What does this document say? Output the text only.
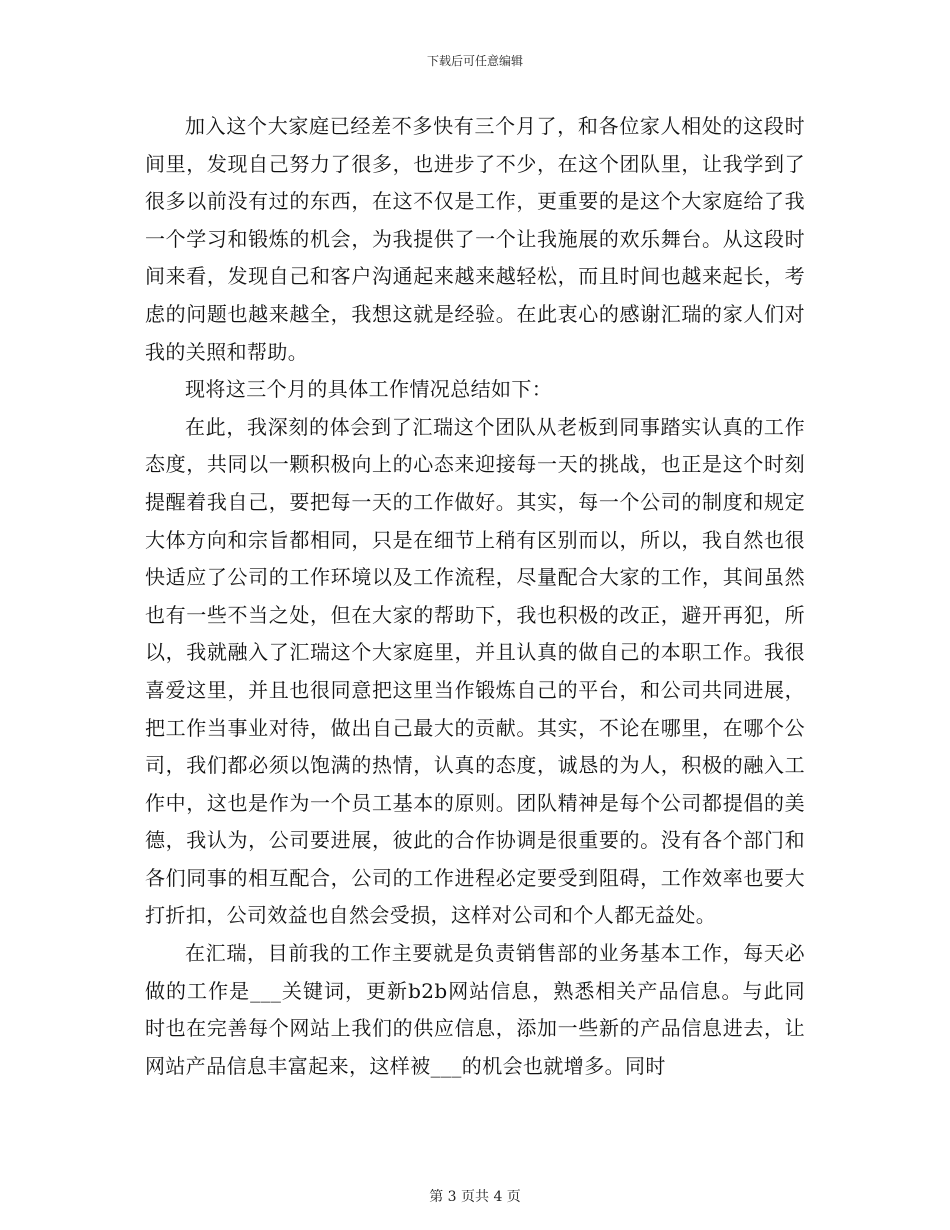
下载后可任意编辑

加入这个大家庭已经差不多快有三个月了，和各位家人相处的这段时间里，发现自己努力了很多，也进步了不少，在这个团队里，让我学到了很多以前没有过的东西，在这不仅是工作，更重要的是这个大家庭给了我一个学习和锻炼的机会，为我提供了一个让我施展的欢乐舞台。从这段时间来看，发现自己和客户沟通起来越来越轻松，而且时间也越来起长，考虑的问题也越来越全，我想这就是经验。在此衷心的感谢汇瑞的家人们对我的关照和帮助。

现将这三个月的具体工作情况总结如下：

在此，我深刻的体会到了汇瑞这个团队从老板到同事踏实认真的工作态度，共同以一颗积极向上的心态来迎接每一天的挑战，也正是这个时刻提醒着我自己，要把每一天的工作做好。其实，每一个公司的制度和规定大体方向和宗旨都相同，只是在细节上稍有区别而以，所以，我自然也很快适应了公司的工作环境以及工作流程，尽量配合大家的工作，其间虽然也有一些不当之处，但在大家的帮助下，我也积极的改正，避开再犯，所以，我就融入了汇瑞这个大家庭里，并且认真的做自己的本职工作。我很喜爱这里，并且也很同意把这里当作锻炼自己的平台，和公司共同进展，把工作当事业对待，做出自己最大的贡献。其实，不论在哪里，在哪个公司，我们都必须以饱满的热情，认真的态度，诚恳的为人，积极的融入工作中，这也是作为一个员工基本的原则。团队精神是每个公司都提倡的美德，我认为，公司要进展，彼此的合作协调是很重要的。没有各个部门和各们同事的相互配合，公司的工作进程必定要受到阻碍，工作效率也要大打折扣，公司效益也自然会受损，这样对公司和个人都无益处。

在汇瑞，目前我的工作主要就是负责销售部的业务基本工作，每天必做的工作是___关键词，更新b2b网站信息，熟悉相关产品信息。与此同时也在完善每个网站上我们的供应信息，添加一些新的产品信息进去，让网站产品信息丰富起来，这样被___的机会也就增多。同时

第 3 页共 4 页
